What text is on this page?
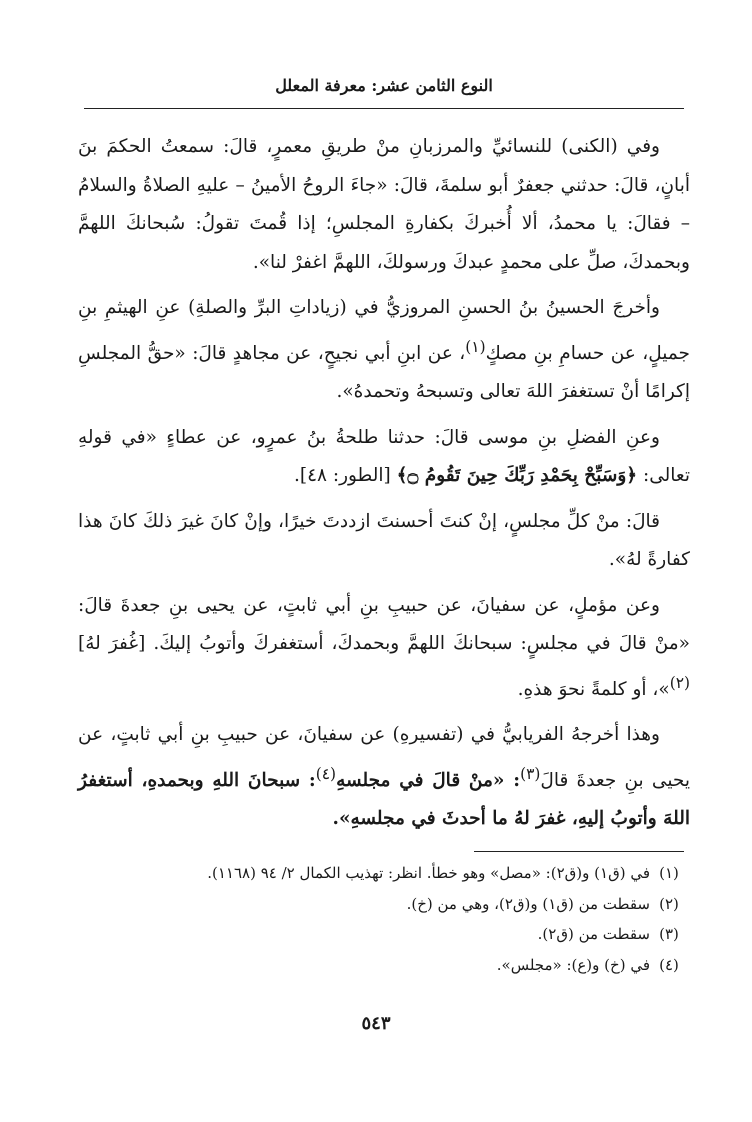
النوع الثامن عشر: معرفة المعلل

وفي (الكنى) للنسائيِّ والمرزبانِ منْ طريقِ معمرٍ، قالَ: سمعتُ الحكمَ بنَ أبانٍ، قالَ: حدثني جعفرٌ أبو سلمةَ، قالَ: «جاءَ الروحُ الأمينُ – عليهِ الصلاةُ والسلامُ – فقالَ: يا محمدُ، ألا أُخبركَ بكفارةِ المجلسِ؛ إذا قُمتَ تقولُ: سُبحانكَ اللهمَّ وبحمدكَ، صلِّ على محمدٍ عبدكَ ورسولكَ، اللهمَّ اغفرْ لنا».

وأخرجَ الحسينُ بنُ الحسنِ المروزيُّ في (زياداتِ البرِّ والصلةِ) عنِ الهيثمِ بنِ جميلٍ، عن حسامِ بنِ مصكٍ$^{(١)}$، عن ابنِ أبي نجيحٍ، عن مجاهدٍ قالَ: «حقُّ المجلسِ إكرامًا أنْ تستغفرَ اللهَ تعالى وتسبحهُ وتحمدهُ».

وعنِ الفضلِ بنِ موسى قالَ: حدثنا طلحةُ بنُ عمرٍو، عن عطاءٍ «في قولهِ تعالى: ﴿وَسَبِّحْ بِحَمْدِ رَبِّكَ حِينَ تَقُومُ ۝﴾ [الطور: ٤٨].

قالَ: منْ كلِّ مجلسٍ، إنْ كنتَ أحسنتَ ازددتَ خيرًا، وإنْ كانَ غيرَ ذلكَ كانَ هذا كفارةً لهُ».

وعن مؤملٍ، عن سفيانَ، عن حبيبِ بنِ أبي ثابتٍ، عن يحيى بنِ جعدةَ قالَ: «منْ قالَ في مجلسٍ: سبحانكَ اللهمَّ وبحمدكَ، أستغفركَ وأتوبُ إليكَ. [غُفرَ لهُ]$^{(٢)}$»، أو كلمةً نحوَ هذهِ.

وهذا أخرجهُ الفريابيُّ في (تفسيرهِ) عن سفيانَ، عن حبيبِ بنِ أبي ثابتٍ، عن يحيى بنِ جعدةَ قالَ$^{(٣)}$: «منْ قالَ في مجلسهِ$^{(٤)}$: سبحانَ اللهِ وبحمدهِ، أستغفرُ اللهَ وأتوبُ إليهِ، غفرَ لهُ ما أحدثَ في مجلسهِ».

(١)
في (ق١) و(ق٢): «مصل» وهو خطأ. انظر: تهذيب الكمال ٢/ ٩٤ (١١٦٨).
(٢)
سقطت من (ق١) و(ق٢)، وهي من (خ).
(٣)
سقطت من (ق٢).
(٤)
في (خ) و(ع): «مجلس».
٥٤٣
